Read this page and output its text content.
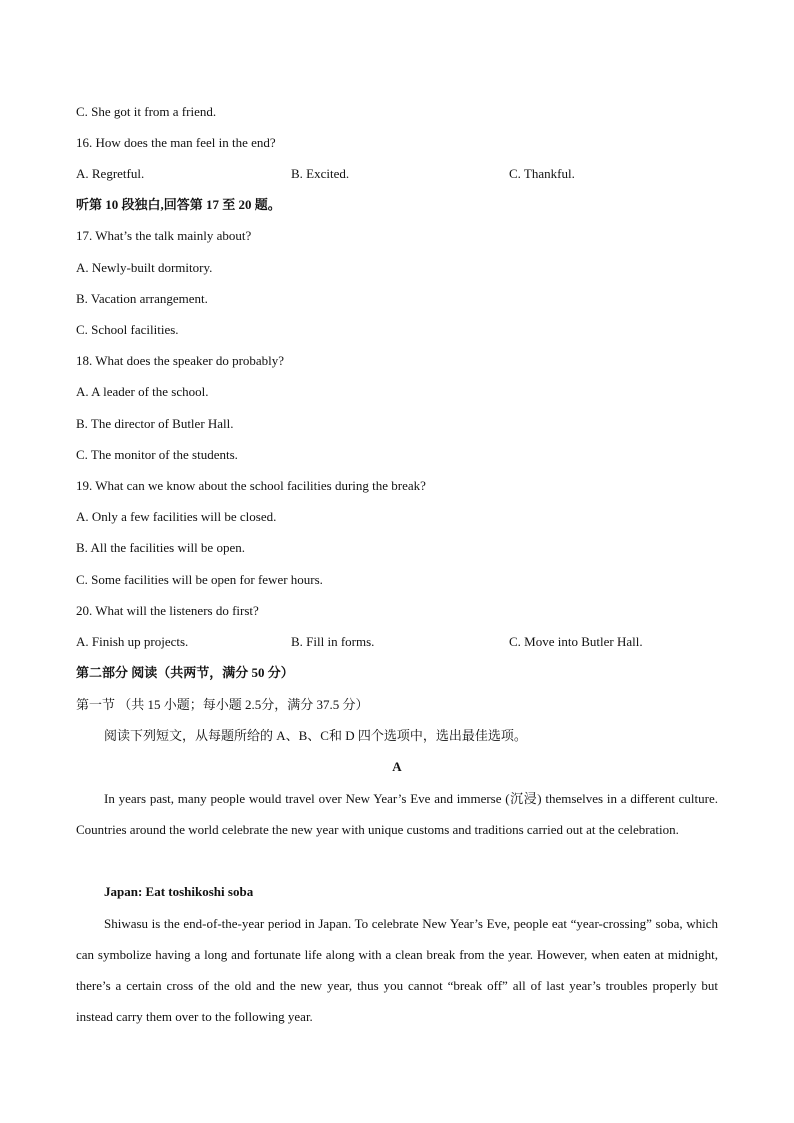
C. She got it from a friend.
16. How does the man feel in the end?
A. Regretful.	B. Excited.	C. Thankful.
听第 10 段独白,回答第 17 至 20 题。
17. What’s the talk mainly about?
A. Newly-built dormitory.
B. Vacation arrangement.
C. School facilities.
18. What does the speaker do probably?
A. A leader of the school.
B. The director of Butler Hall.
C. The monitor of the students.
19. What can we know about the school facilities during the break?
A. Only a few facilities will be closed.
B. All the facilities will be open.
C. Some facilities will be open for fewer hours.
20. What will the listeners do first?
A. Finish up projects.	B. Fill in forms.	C. Move into Butler Hall.
第二部分 阅读（共两节，满分 50 分）
第一节 （共 15 小题；每小题 2.5分，满分 37.5 分）
阅读下列短文，从每题所给的 A、B、C和 D 四个选项中，选出最佳选项。
A
In years past, many people would travel over New Year’s Eve and immerse (沉浸) themselves in a different culture. Countries around the world celebrate the new year with unique customs and traditions carried out at the celebration.
Japan: Eat toshikoshi soba
Shiwasu is the end-of-the-year period in Japan. To celebrate New Year’s Eve, people eat “year-crossing” soba, which can symbolize having a long and fortunate life along with a clean break from the year. However, when eaten at midnight, there’s a certain cross of the old and the new year, thus you cannot “break off” all of last year’s troubles properly but instead carry them over to the following year.
